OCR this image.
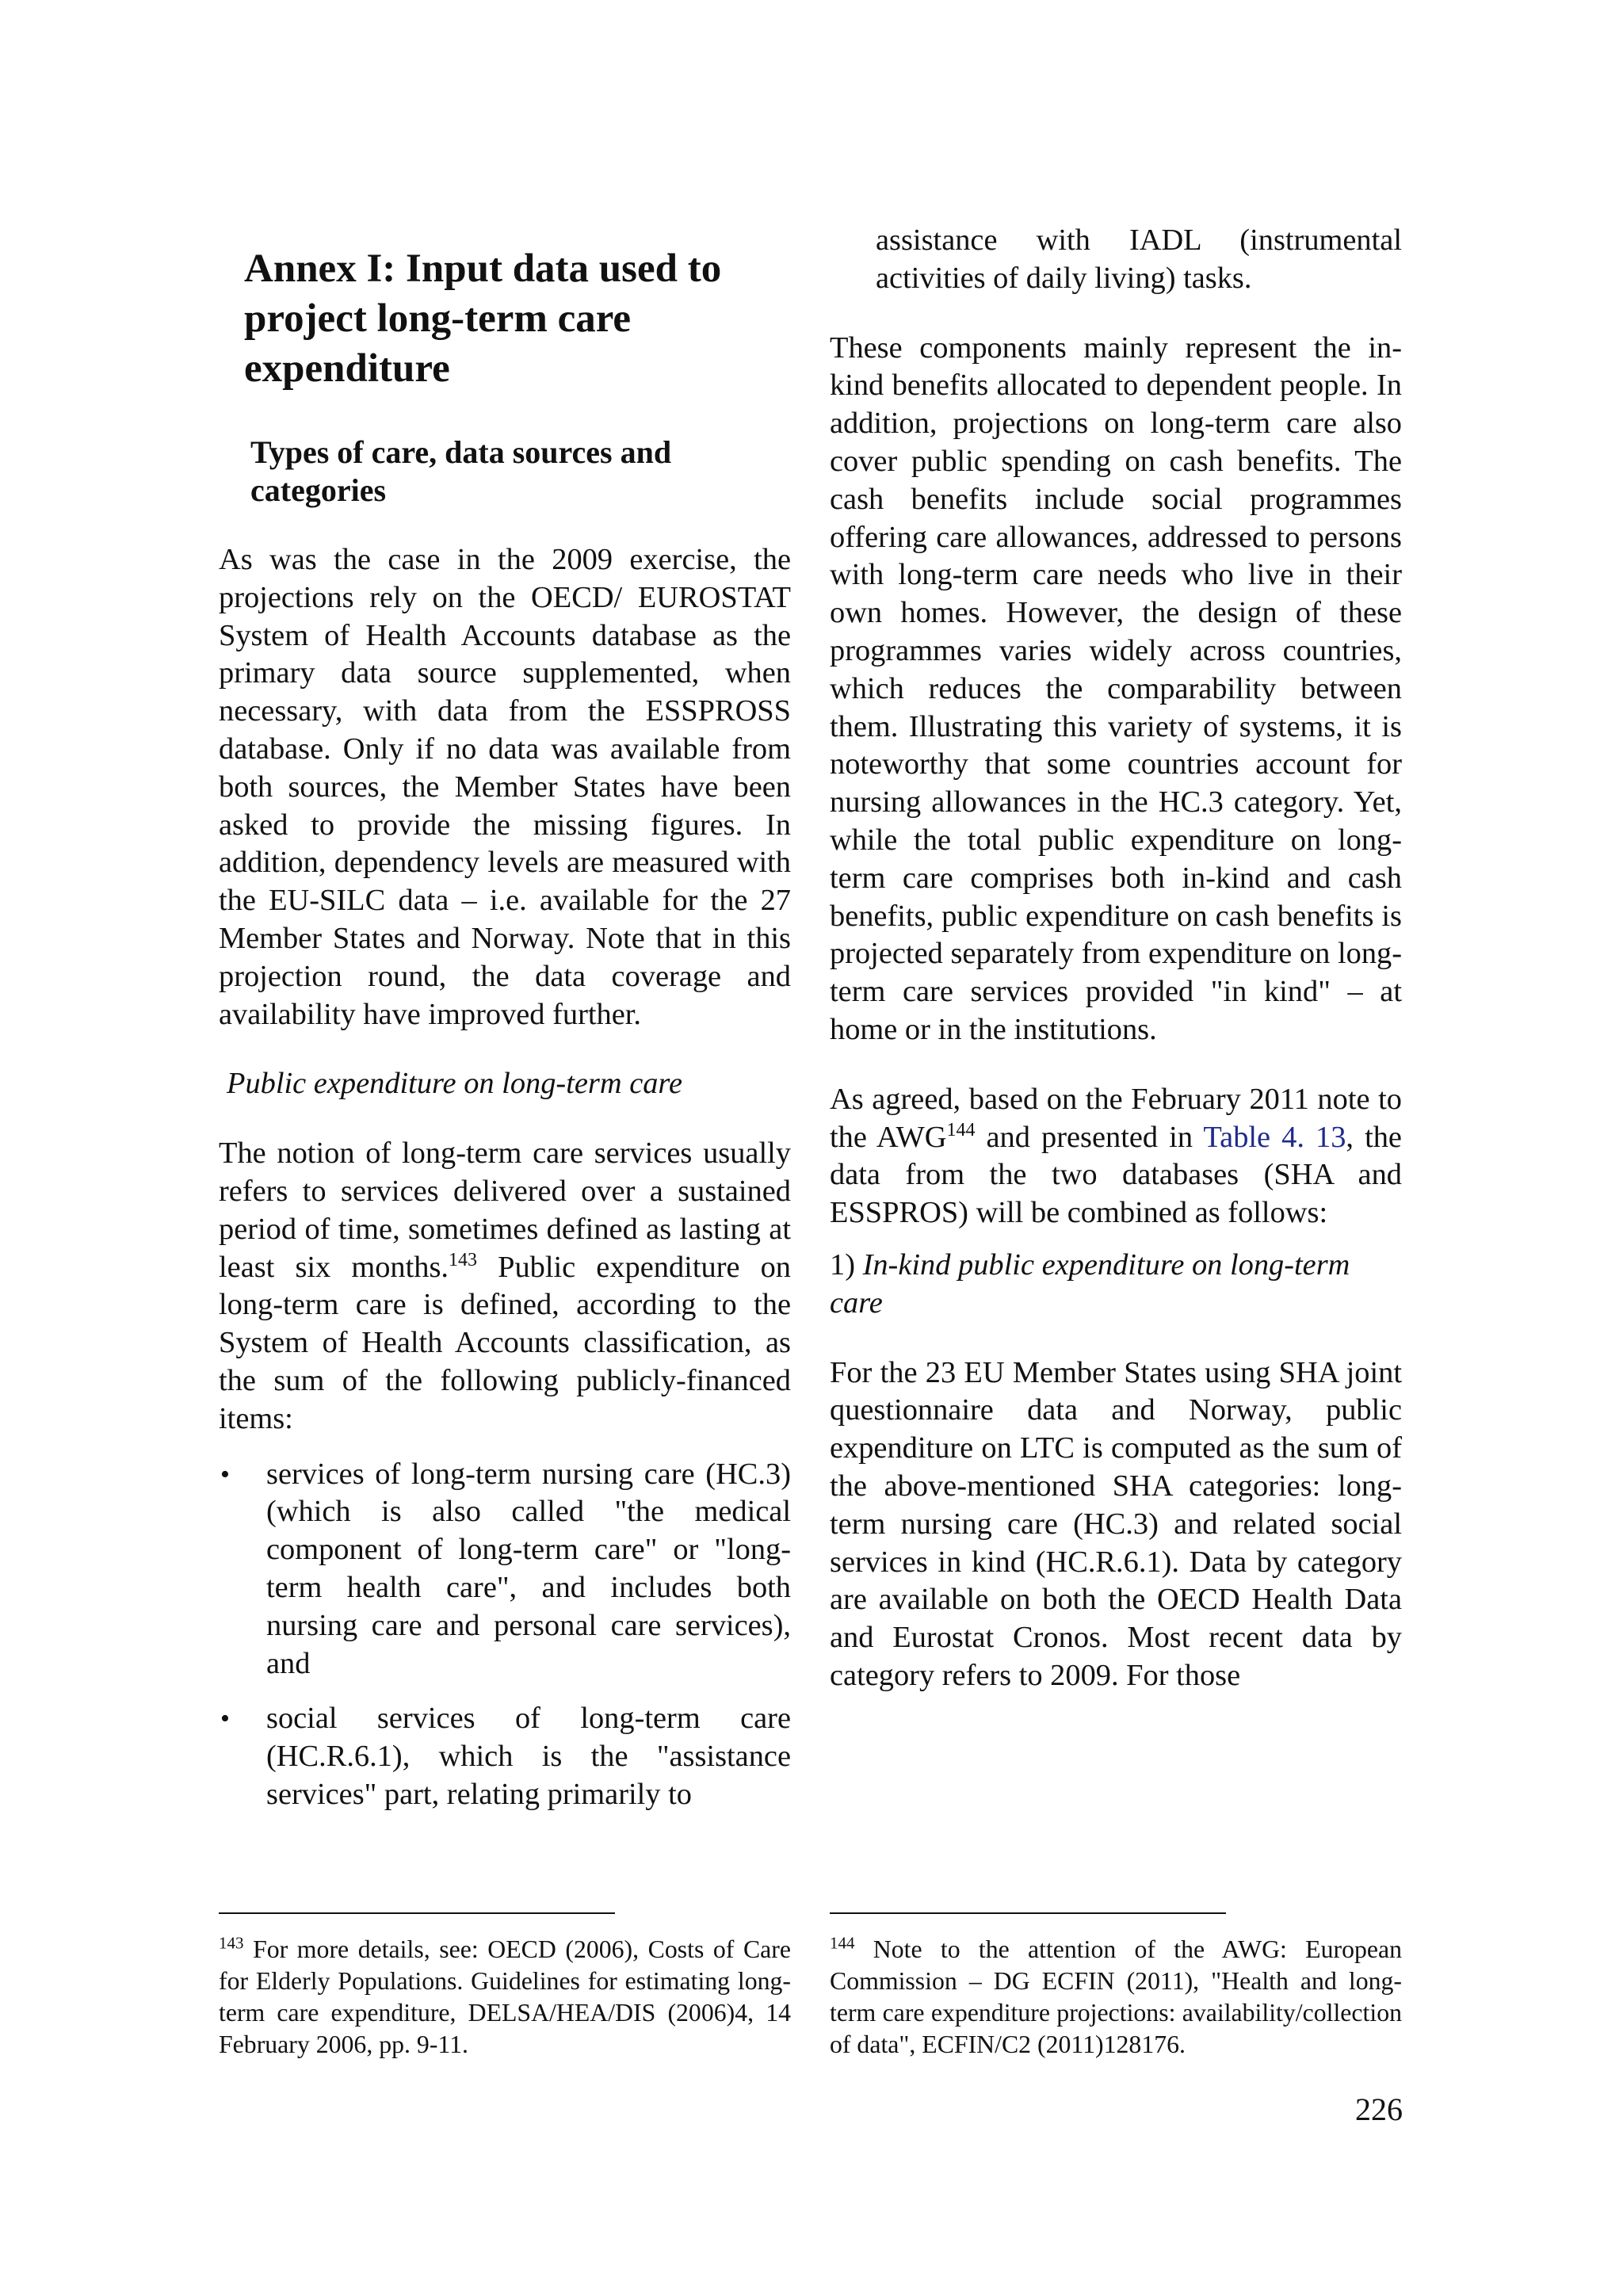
Annex I: Input data used to project long-term care expenditure
Types of care, data sources and categories

As was the case in the 2009 exercise, the projections rely on the OECD/ EUROSTAT System of Health Accounts database as the primary data source supplemented, when necessary, with data from the ESSPROSS database. Only if no data was available from both sources, the Member States have been asked to provide the missing figures. In addition, dependency levels are measured with the EU-SILC data – i.e. available for the 27 Member States and Norway. Note that in this projection round, the data coverage and availability have improved further.

Public expenditure on long-term care

The notion of long-term care services usually refers to services delivered over a sustained period of time, sometimes defined as lasting at least six months.$^{143}$ Public expenditure on long-term care is defined, according to the System of Health Accounts classification, as the sum of the following publicly-financed items:

• services of long-term nursing care (HC.3) (which is also called "the medical component of long-term care" or "long-term health care", and includes both nursing care and personal care services), and
• social services of long-term care (HC.R.6.1), which is the "assistance services" part, relating primarily to

assistance with IADL (instrumental activities of daily living) tasks.

These components mainly represent the in-kind benefits allocated to dependent people. In addition, projections on long-term care also cover public spending on cash benefits. The cash benefits include social programmes offering care allowances, addressed to persons with long-term care needs who live in their own homes. However, the design of these programmes varies widely across countries, which reduces the comparability between them. Illustrating this variety of systems, it is noteworthy that some countries account for nursing allowances in the HC.3 category. Yet, while the total public expenditure on long-term care comprises both in-kind and cash benefits, public expenditure on cash benefits is projected separately from expenditure on long-term care services provided "in kind" – at home or in the institutions.

As agreed, based on the February 2011 note to the AWG$^{144}$ and presented in Table 4. 13, the data from the two databases (SHA and ESSPROS) will be combined as follows:

1) In-kind public expenditure on long-term care

For the 23 EU Member States using SHA joint questionnaire data and Norway, public expenditure on LTC is computed as the sum of the above-mentioned SHA categories: long-term nursing care (HC.3) and related social services in kind (HC.R.6.1). Data by category are available on both the OECD Health Data and Eurostat Cronos. Most recent data by category refers to 2009. For those

$^{143}$ For more details, see: OECD (2006), Costs of Care for Elderly Populations. Guidelines for estimating long-term care expenditure, DELSA/HEA/DIS (2006)4, 14 February 2006, pp. 9-11.

$^{144}$ Note to the attention of the AWG: European Commission – DG ECFIN (2011), "Health and long-term care expenditure projections: availability/collection of data", ECFIN/C2 (2011)128176.

226
